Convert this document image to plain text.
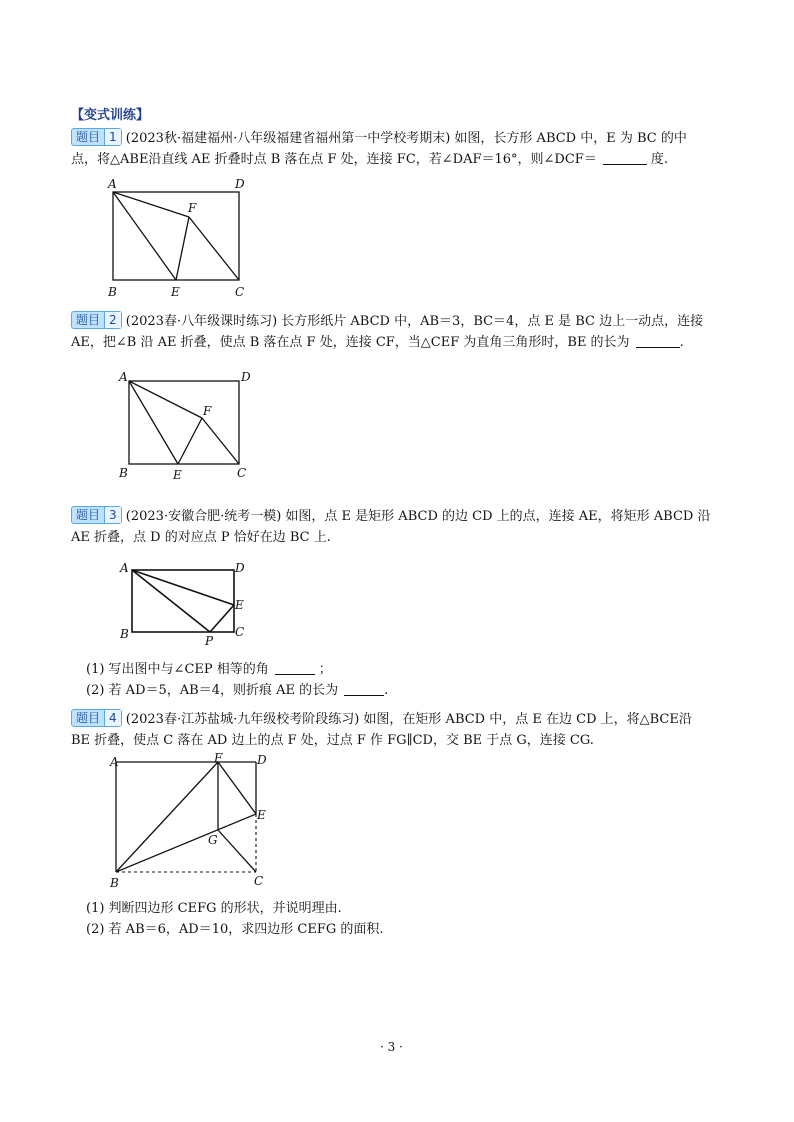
【变式训练】
题目 1 (2023秋·福建福州·八年级福建省福州第一中学校考期末) 如图，长方形 ABCD 中，E 为 BC 的中
点，将△ABE沿直线 AE 折叠时点 B 落在点 F 处，连接 FC，若∠DAF＝16°，则∠DCF＝	度.
A	D
F
B	E	C
题目 2 (2023春·八年级课时练习) 长方形纸片 ABCD 中，AB＝3，BC＝4，点 E 是 BC 边上一动点，连接
AE，把∠B 沿 AE 折叠，使点 B 落在点 F 处，连接 CF，当△CEF 为直角三角形时，BE 的长为	.
A	D
F
B	E	C
题目 3 (2023·安徽合肥·统考一模) 如图，点 E 是矩形 ABCD 的边 CD 上的点，连接 AE，将矩形 ABCD 沿
AE 折叠，点 D 的对应点 P 恰好在边 BC 上.
A	D
E
B	P
C
(1) 写出图中与∠CEP 相等的角	；
(2) 若 AD＝5，AB＝4，则折痕 AE 的长为	.
题目 4 (2023春·江苏盐城·九年级校考阶段练习) 如图，在矩形 ABCD 中，点 E 在边 CD 上，将△BCE沿
BE 折叠，使点 C 落在 AD 边上的点 F 处，过点 F 作 FG∥CD，交 BE 于点 G，连接 CG.
A	F	D
E
G
B	C
(1) 判断四边形 CEFG 的形状，并说明理由.
(2) 若 AB＝6，AD＝10，求四边形 CEFG 的面积.
· 3 ·
